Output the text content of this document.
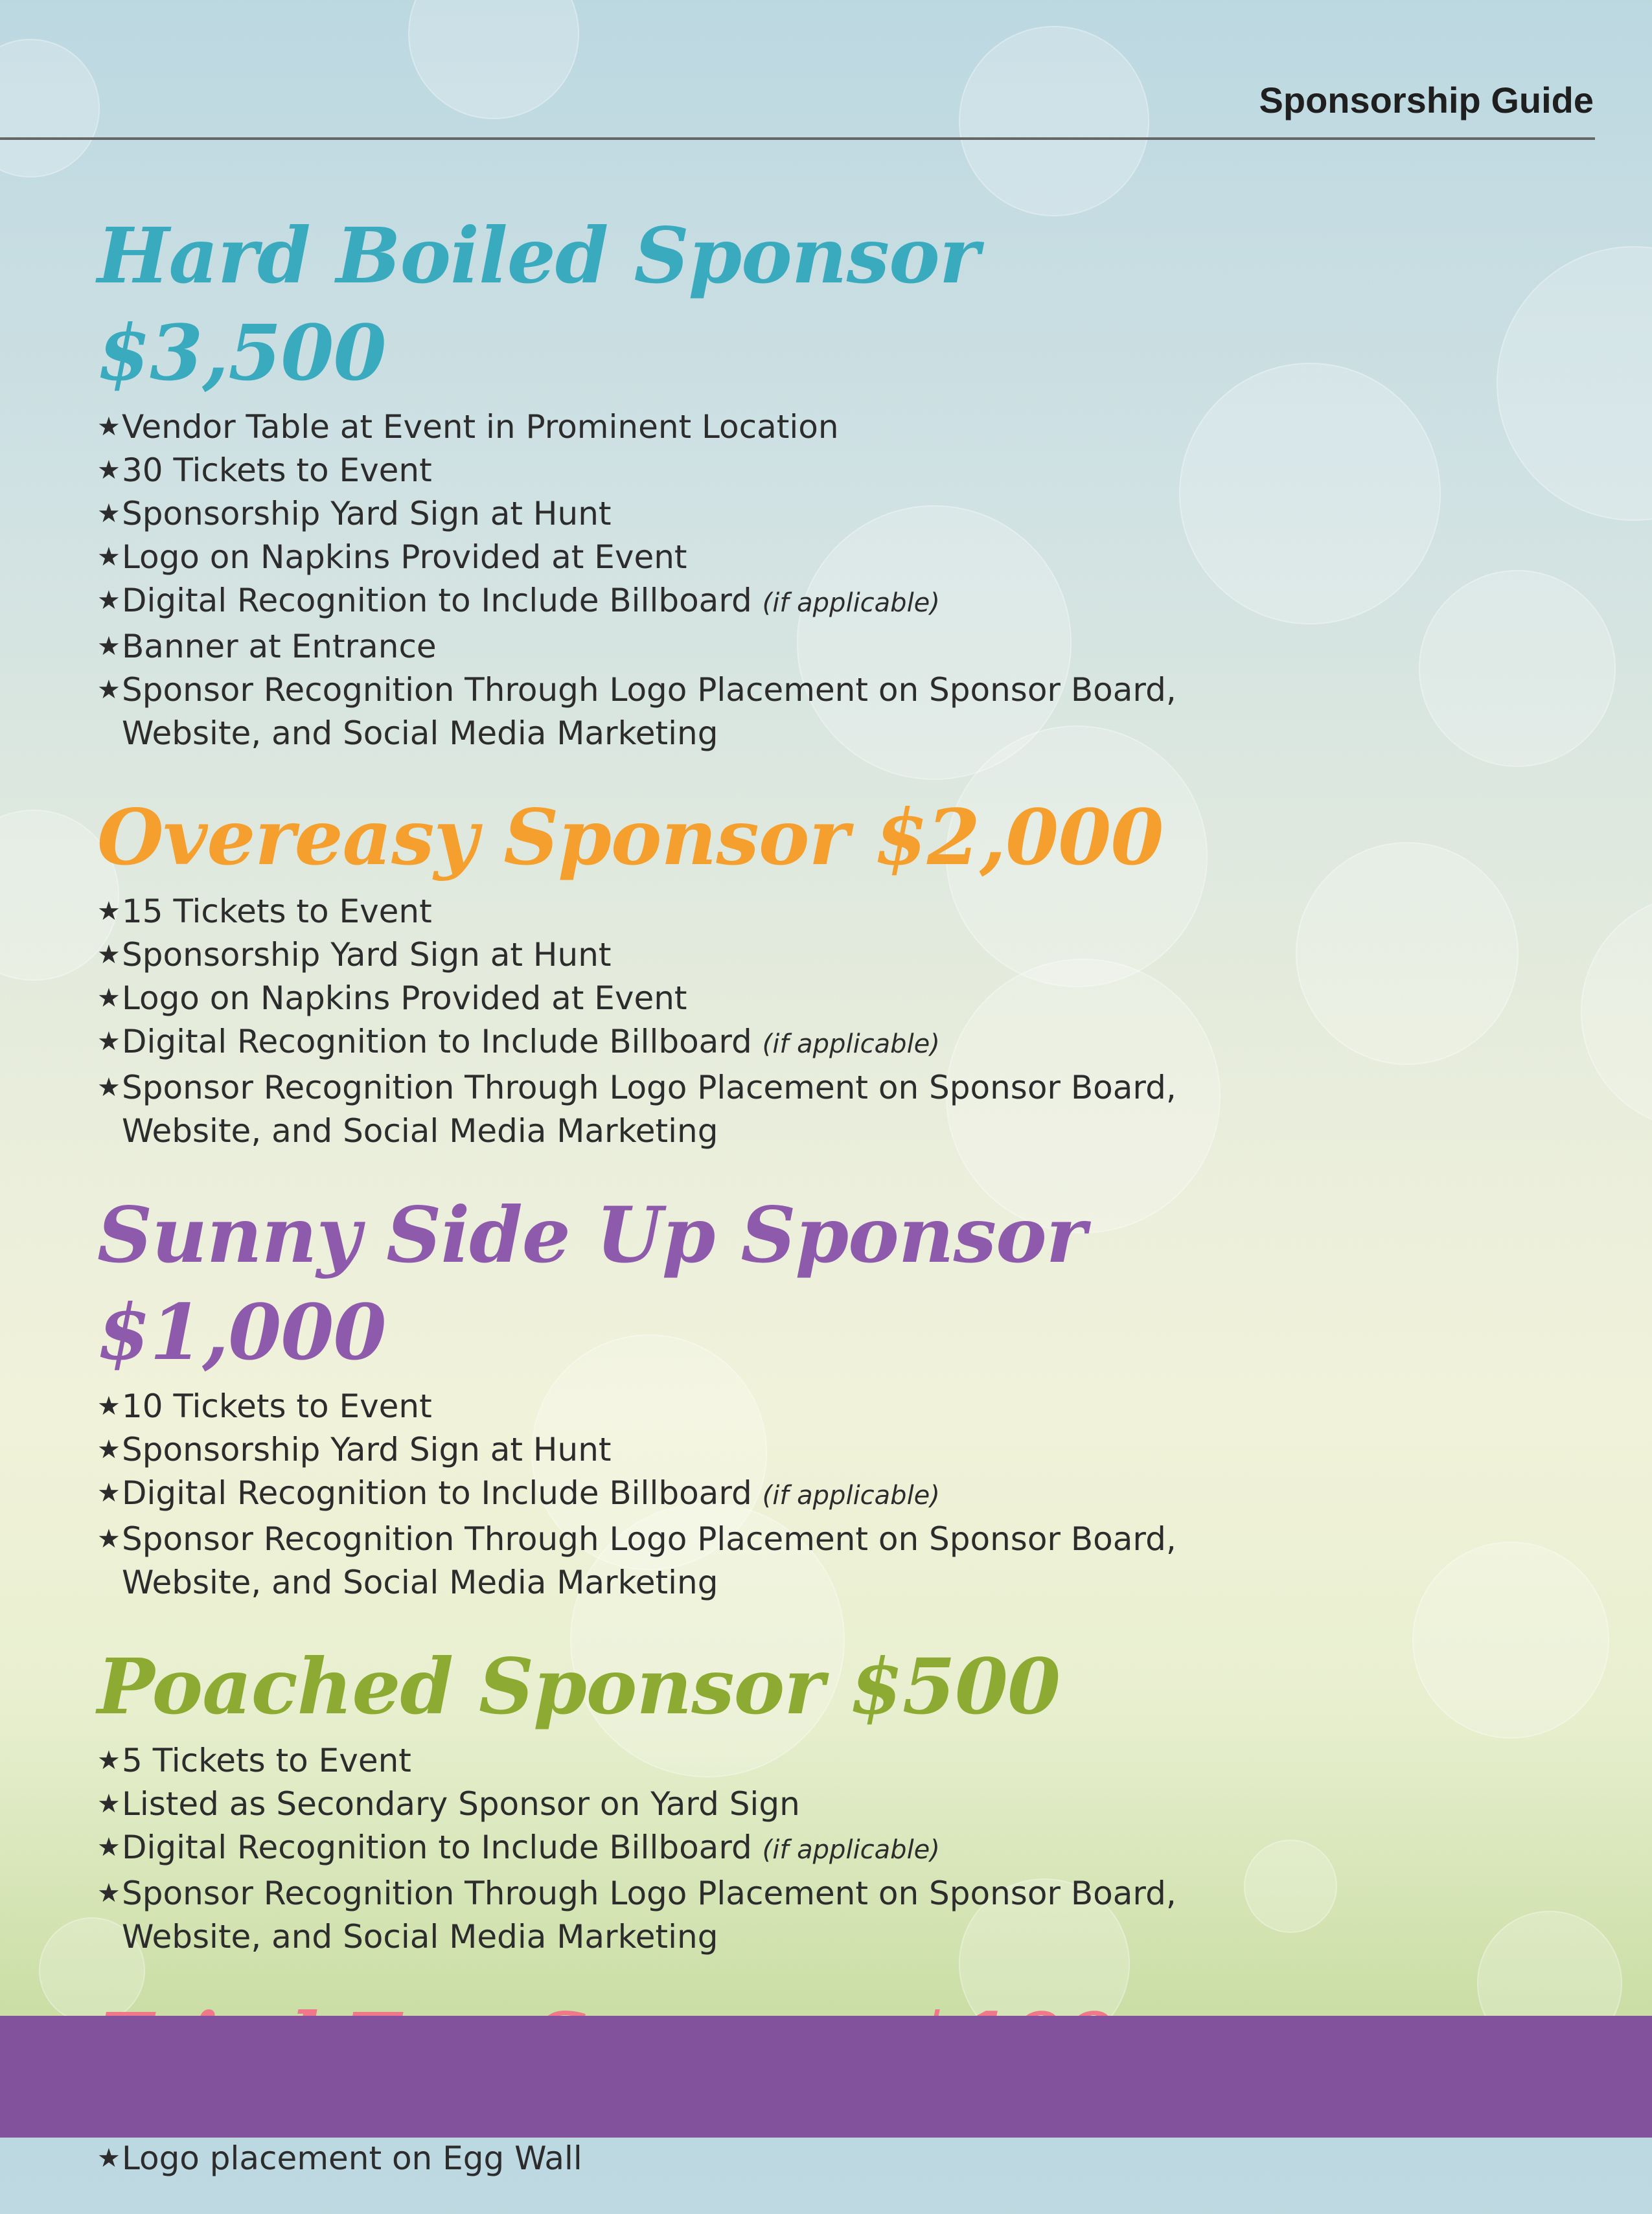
Sponsorship Guide
Hard Boiled Sponsor $3,500
★ Vendor Table at Event in Prominent Location
★ 30 Tickets to Event
★ Sponsorship Yard Sign at Hunt
★ Logo on Napkins Provided at Event
★ Digital Recognition to Include Billboard (if applicable)
★ Banner at Entrance
★ Sponsor Recognition Through Logo Placement on Sponsor Board,
Website, and Social Media Marketing
Overeasy Sponsor $2,000
★ 15 Tickets to Event
★ Sponsorship Yard Sign at Hunt
★ Logo on Napkins Provided at Event
★ Digital Recognition to Include Billboard (if applicable)
★ Sponsor Recognition Through Logo Placement on Sponsor Board,
Website, and Social Media Marketing
Sunny Side Up Sponsor $1,000
★ 10 Tickets to Event
★ Sponsorship Yard Sign at Hunt
★ Digital Recognition to Include Billboard (if applicable)
★ Sponsor Recognition Through Logo Placement on Sponsor Board,
Website, and Social Media Marketing
Poached Sponsor $500
★ 5 Tickets to Event
★ Listed as Secondary Sponsor on Yard Sign
★ Digital Recognition to Include Billboard (if applicable)
★ Sponsor Recognition Through Logo Placement on Sponsor Board,
Website, and Social Media Marketing
★ Logo placement on Egg Wall
